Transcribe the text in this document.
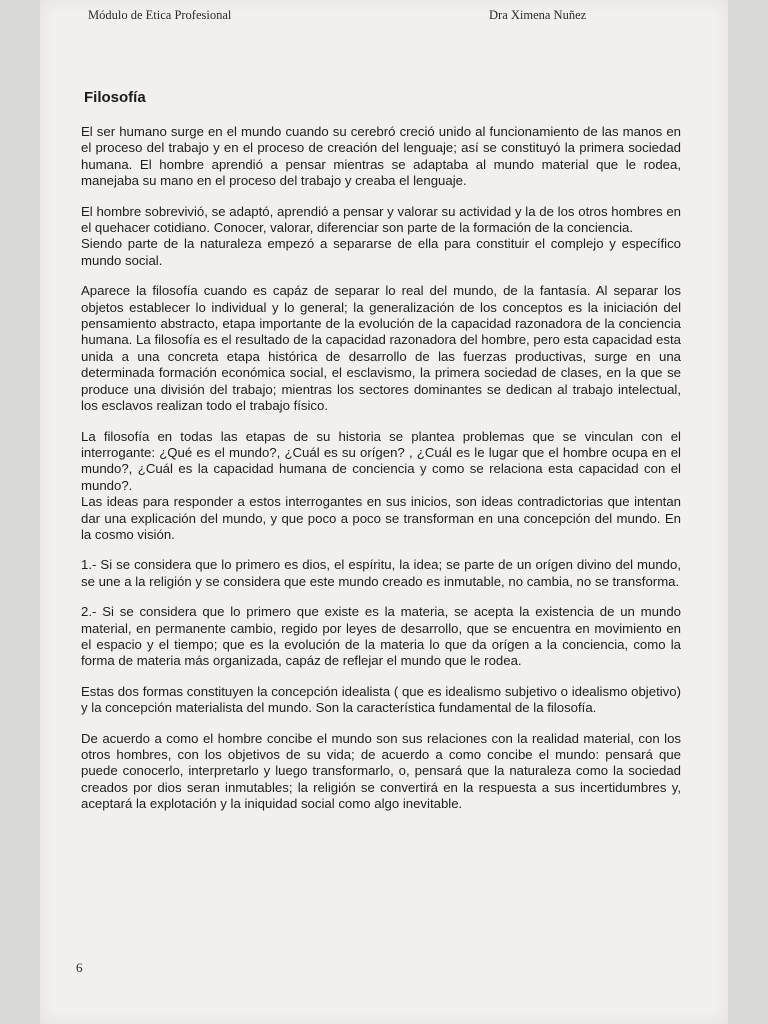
Módulo de Etica Profesional	Dra Ximena Nuñez
Filosofía

El ser humano surge en el mundo cuando su cerebró creció unido al funcionamiento de las manos en el proceso del trabajo y en el proceso de creación del lenguaje; así se constituyó la primera sociedad humana. El hombre aprendió a pensar mientras se adaptaba al mundo material que le rodea, manejaba su mano en el proceso del trabajo y creaba el lenguaje.

El hombre sobrevivió, se adaptó, aprendió a pensar y valorar su actividad y la de los otros hombres en el quehacer cotidiano. Conocer, valorar, diferenciar son parte de la formación de la conciencia.

Siendo parte de la naturaleza empezó a separarse de ella para constituir el complejo y específico mundo social.

Aparece la filosofía cuando es capáz de separar lo real del mundo, de la fantasía. Al separar los objetos establecer lo individual y lo general; la generalización de los conceptos es la iniciación del pensamiento abstracto, etapa importante de la evolución de la capacidad razonadora de la conciencia humana. La filosofía es el resultado de la capacidad razonadora del hombre, pero esta capacidad esta unida a una concreta etapa histórica de desarrollo de las fuerzas productivas, surge en una determinada formación económica social, el esclavismo, la primera sociedad de clases, en la que se produce una división del trabajo; mientras los sectores dominantes se dedican al trabajo intelectual, los esclavos realizan todo el trabajo físico.

La filosofía en todas las etapas de su historia se plantea problemas que se vinculan con el interrogante: ¿Qué es el mundo?, ¿Cuál es su orígen? , ¿Cuál es le lugar que el hombre ocupa en el mundo?, ¿Cuál es la capacidad humana de conciencia y como se relaciona esta capacidad con el mundo?.

Las ideas para responder a estos interrogantes en sus inicios, son ideas contradictorias que intentan dar una explicación del mundo, y que poco a poco se transforman en una concepción del mundo. En la cosmo visión.

1.- Si se considera que lo primero es dios, el espíritu, la idea; se parte de un orígen divino del mundo, se une a la religión y se considera que este mundo creado es inmutable, no cambia, no se transforma.

2.- Si se considera que lo primero que existe es la materia, se acepta la existencia de un mundo material, en permanente cambio, regido por leyes de desarrollo, que se encuentra en movimiento en el espacio y el tiempo; que es la evolución de la materia lo que da orígen a la conciencia, como la forma de materia más organizada, capáz de reflejar el mundo que le rodea.

Estas dos formas constituyen la concepción idealista ( que es idealismo subjetivo o idealismo objetivo) y la concepción materialista del mundo. Son la característica fundamental de la filosofía.

De acuerdo a como el hombre concibe el mundo son sus relaciones con la realidad material, con los otros hombres, con los objetivos de su vida; de acuerdo a como concibe el mundo: pensará que puede conocerlo, interpretarlo y luego transformarlo, o, pensará que la naturaleza como la sociedad creados por dios seran inmutables; la religión se convertirá en la respuesta a sus incertidumbres y, aceptará la explotación y la iniquidad social como algo inevitable.

6
